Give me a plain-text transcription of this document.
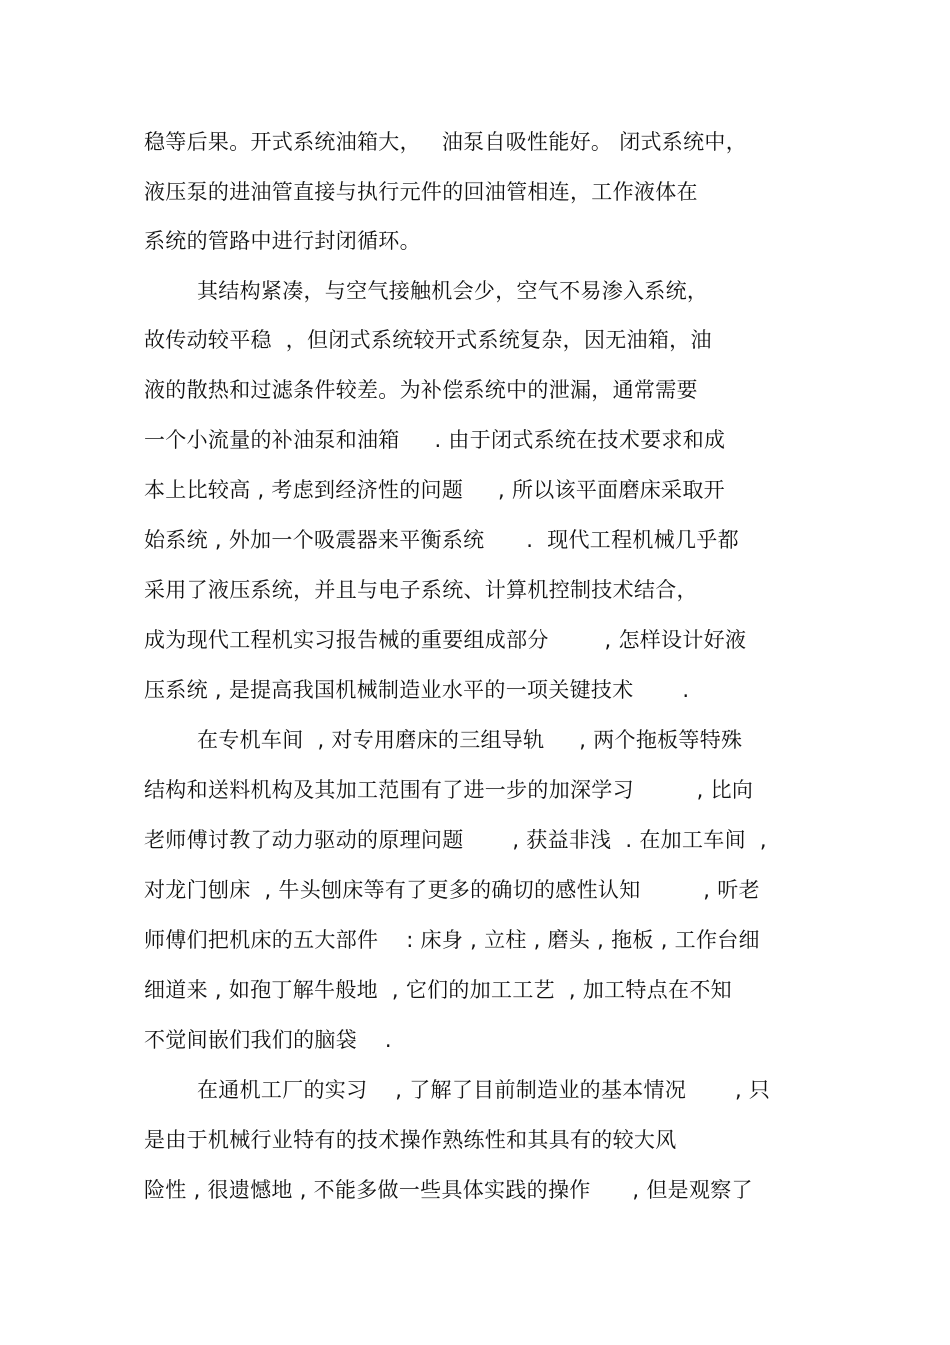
稳等后果。开式系统油箱大，   油泵自吸性能好。 闭式系统中，

液压泵的进油管直接与执行元件的回油管相连，工作液体在

系统的管路中进行封闭循环。

其结构紧凑，与空气接触机会少，空气不易渗入系统，

故传动较平稳  ，但闭式系统较开式系统复杂，因无油箱，油

液的散热和过滤条件较差。为补偿系统中的泄漏，通常需要

一个小流量的补油泵和油箱     . 由于闭式系统在技术要求和成

本上比较高 , 考虑到经济性的问题     , 所以该平面磨床采取开

始系统 , 外加一个吸震器来平衡系统      .  现代工程机械几乎都

采用了液压系统，并且与电子系统、计算机控制技术结合，

成为现代工程机实习报告械的重要组成部分        , 怎样设计好液

压系统 , 是提高我国机械制造业水平的一项关键技术       .

在专机车间  , 对专用磨床的三组导轨     , 两个拖板等特殊

结构和送料机构及其加工范围有了进一步的加深学习         , 比向

老师傅讨教了动力驱动的原理问题       , 获益非浅  . 在加工车间  ,

对龙门刨床  , 牛头刨床等有了更多的确切的感性认知         , 听老

师傅们把机床的五大部件    : 床身 , 立柱 , 磨头 , 拖板 , 工作台细

细道来 , 如孢丁解牛般地  , 它们的加工工艺  , 加工特点在不知

不觉间嵌们我们的脑袋    .

在通机工厂的实习    , 了解了目前制造业的基本情况       , 只

是由于机械行业特有的技术操作熟练性和其具有的较大风

险性 , 很遗憾地 , 不能多做一些具体实践的操作      , 但是观察了
